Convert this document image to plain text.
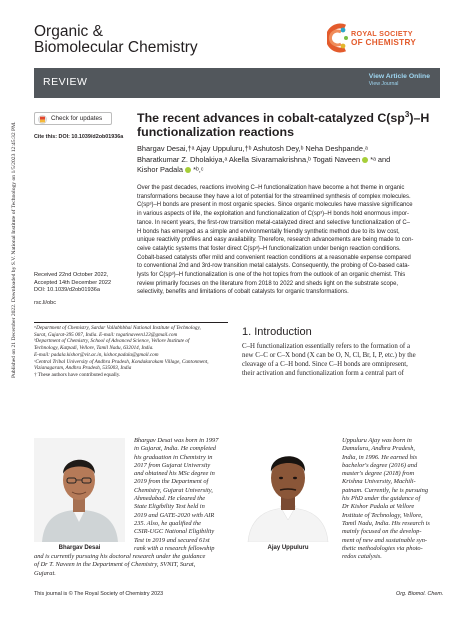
Published on 21 December 2022. Downloaded by S.V. National Institute of Technology on 1/5/2023 12:45:32 PM.
Organic &
Biomolecular Chemistry
ROYAL SOCIETY
OF CHEMISTRY
REVIEW	View Article Online
View Journal
Check for updates
Cite this: DOI: 10.1039/d2ob01936a
The recent advances in cobalt-catalyzed $C(sp^3)-H$
functionalization reactions
Bhargav Desai,†ᵃ Ajay Uppuluru,†ᵇ Ashutosh Dey,ᵇ Neha Deshpande,ᵃ
Bharatkumar Z. Dholakiya,ᵃ Akella Sivaramakrishna,ᵇ Togati Naveen *ᵃ and
Kishor Padala *ᵇ,ᶜ
Over the past decades, reactions involving C–H functionalization have become a hot theme in organic
transformations because they have a lot of potential for the streamlined synthesis of complex molecules.
C(sp³)–H bonds are present in most organic species. Since organic molecules have massive significance
in various aspects of life, the exploitation and functionalization of C(sp³)–H bonds hold enormous impor-
tance. In recent years, the first-row transition metal-catalyzed direct and selective functionalization of C–
H bonds has emerged as a simple and environmentally friendly synthetic method due to its low cost,
unique reactivity profiles and easy availability. Therefore, research advancements are being made to con-
ceive catalytic systems that foster direct C(sp³)–H functionalization under benign reaction conditions.
Cobalt-based catalysts offer mild and convenient reaction conditions at a reasonable expense compared
to conventional 2nd and 3rd-row transition metal catalysts. Consequently, the probing of Co-based cata-
lysts for C(sp³)–H functionalization is one of the hot topics from the outlook of an organic chemist. This
review primarily focuses on the literature from 2018 to 2022 and sheds light on the substrate scope,
selectivity, benefits and limitations of cobalt catalysts for organic transformations.
Received 22nd October 2022,
Accepted 14th December 2022
DOI: 10.1039/d2ob01936a
rsc.li/obc
ᵃDepartment of Chemistry, Sardar Vallabhbhai National Institute of Technology,
Surat, Gujarat-395 007, India. E-mail: togatinaveen123@gmail.com
ᵇDepartment of Chemistry, School of Advanced Science, Vellore Institute of
Technology, Katpadi, Vellore, Tamil Nadu, 632014, India.
E-mail: padala.kishor@vit.ac.in, kishor.padala@gmail.com
ᶜCentral Tribal University of Andhra Pradesh, Kondakarakam Village, Cantonment,
Vizianagaram, Andhra Pradesh, 535003, India
† These authors have contributed equally.
1. Introduction
C–H functionalization essentially refers to the formation of a
new C–C or C–X bond (X can be O, N, Cl, Br, I, P, etc.) by the
cleavage of a C–H bond. Since C–H bonds are omnipresent,
their activation and functionalization form a central part of
Bhargav Desai
Bhargav Desai was born in 1997
in Gujarat, India. He completed
his graduation in Chemistry in
2017 from Gujarat University
and obtained his MSc degree in
2019 from the Department of
Chemistry, Gujarat University,
Ahmedabad. He cleared the
State Eligibility Test held in
2019 and GATE-2020 with AIR
235. Also, he qualified the
CSIR-UGC National Eligibility
Test in 2019 and secured 61st
rank with a research fellowship
and is currently pursuing his doctoral research under the guidance
of Dr T. Naveen in the Department of Chemistry, SVNIT, Surat,
Gujarat.
Ajay Uppuluru
Uppuluru Ajay was born in
Damuluru, Andhra Pradesh,
India, in 1996. He earned his
bachelor's degree (2016) and
master's degree (2018) from
Krishna University, Machili-
patnam. Currently, he is pursuing
his PhD under the guidance of
Dr Kishor Padala at Vellore
Institute of Technology, Vellore,
Tamil Nadu, India. His research is
mainly focused on the develop-
ment of new and sustainable syn-
thetic methodologies via photo-
redox catalysis.
This journal is © The Royal Society of Chemistry 2023	Org. Biomol. Chem.
